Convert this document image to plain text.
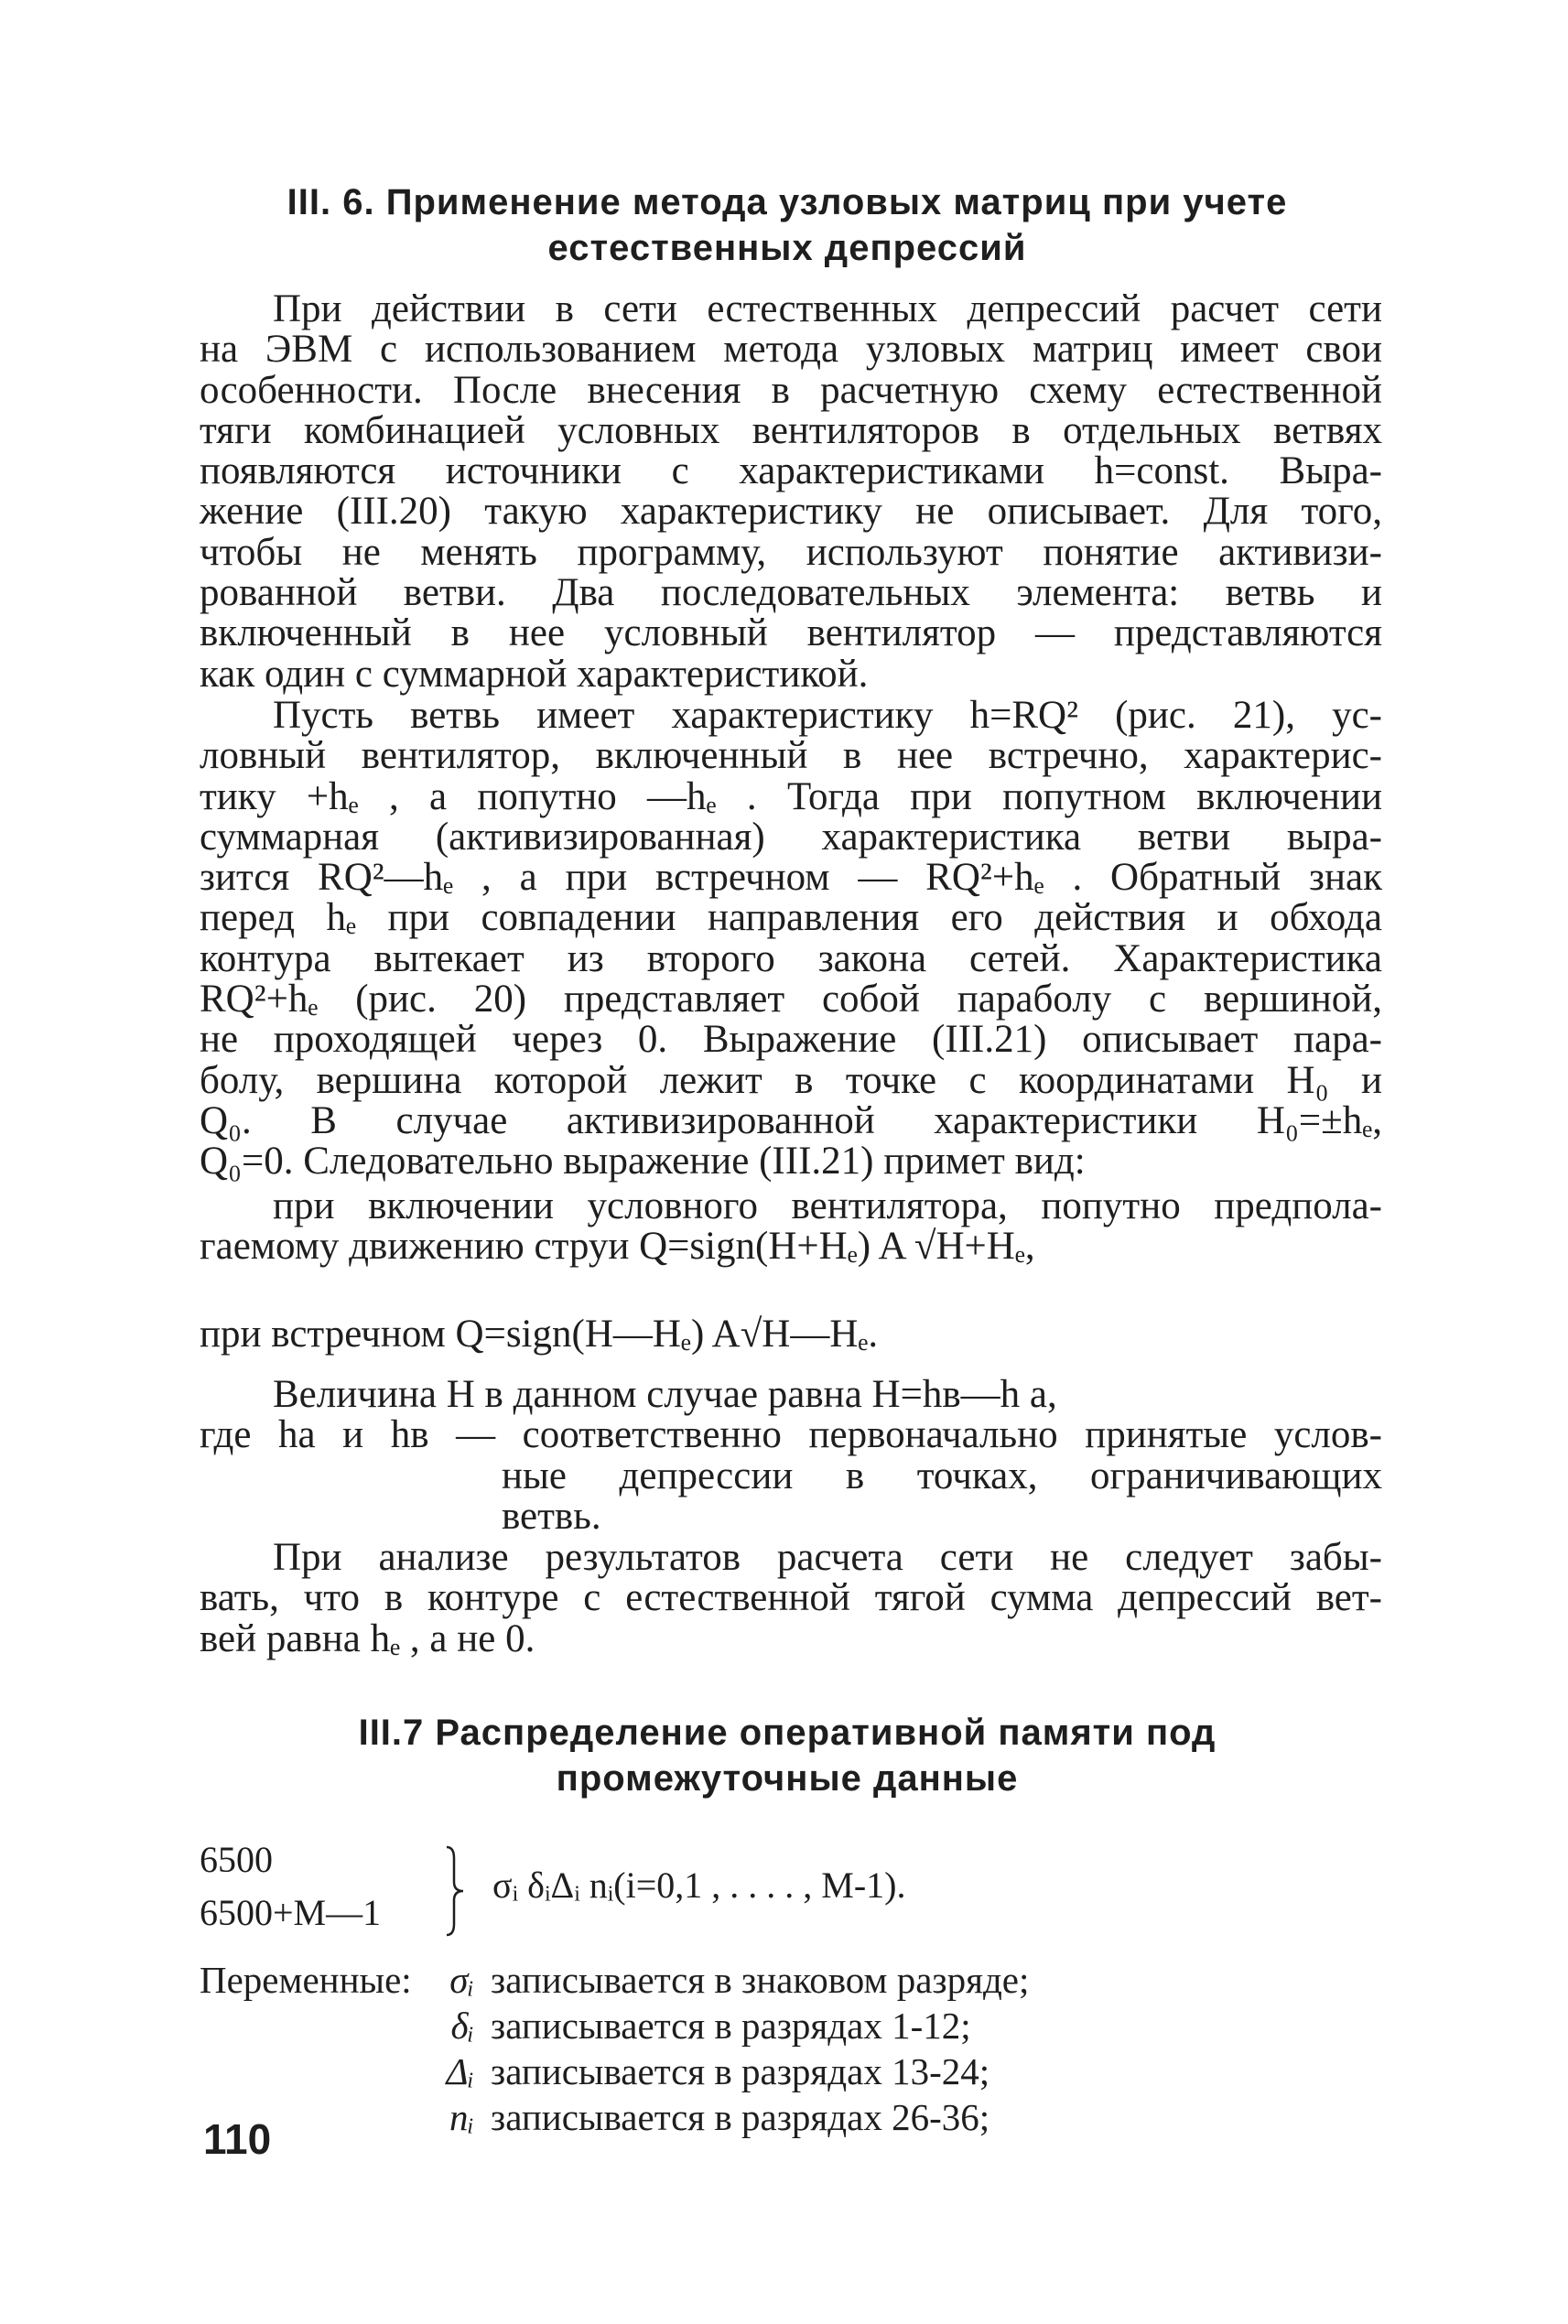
III. 6. Применение метода узловых матриц при учете
естественных депрессий
При действии в сети естественных депрессий расчет сети
на ЭВМ с использованием метода узловых матриц имеет свои
особенности. После внесения в расчетную схему естественной
тяги комбинацией условных вентиляторов в отдельных ветвях
появляются источники с характеристиками h=const. Выра-
жение (III.20) такую характеристику не описывает. Для того,
чтобы не менять программу, используют понятие активизи-
рованной ветви. Два последовательных элемента: ветвь и
включенный в нее условный вентилятор — представляются
как один с суммарной характеристикой.
Пусть ветвь имеет характеристику h=RQ² (рис. 21), ус-
ловный вентилятор, включенный в нее встречно, характерис-
тику +hₑ , а попутно —hₑ . Тогда при попутном включении
суммарная (активизированная) характеристика ветви выра-
зится RQ²—hₑ , а при встречном — RQ²+hₑ . Обратный знак
перед hₑ при совпадении направления его действия и обхода
контура вытекает из второго закона сетей. Характеристика
RQ²+hₑ (рис. 20) представляет собой параболу с вершиной,
не проходящей через 0. Выражение (III.21) описывает пара-
болу, вершина которой лежит в точке с координатами H₀ и
Q₀. В случае активизированной характеристики H₀=±hₑ,
Q₀=0. Следовательно выражение (III.21) примет вид:
при включении условного вентилятора, попутно предпола-
гаемому движению струи Q=sign(H+Hₑ) A √H+Hₑ,
при встречном Q=sign(H—Hₑ) A√H—Hₑ.
Величина H в данном случае равна H=hв—h а,
где hа и hв — соответственно первоначально принятые услов-
ные депрессии в точках, ограничивающих
ветвь.
При анализе результатов расчета сети не следует забы-
вать, что в контуре с естественной тягой сумма депрессий вет-
вей равна hₑ , а не 0.
III.7 Распределение оперативной памяти под
промежуточные данные
6500
6500+M—1
σᵢ δᵢΔᵢ nᵢ(i=0,1 , . . . . , M-1).
Переменные:	σᵢ записывается в знаковом разряде;
δᵢ записывается в разрядах 1-12;
Δᵢ записывается в разрядах 13-24;
nᵢ записывается в разрядах 26-36;
110
